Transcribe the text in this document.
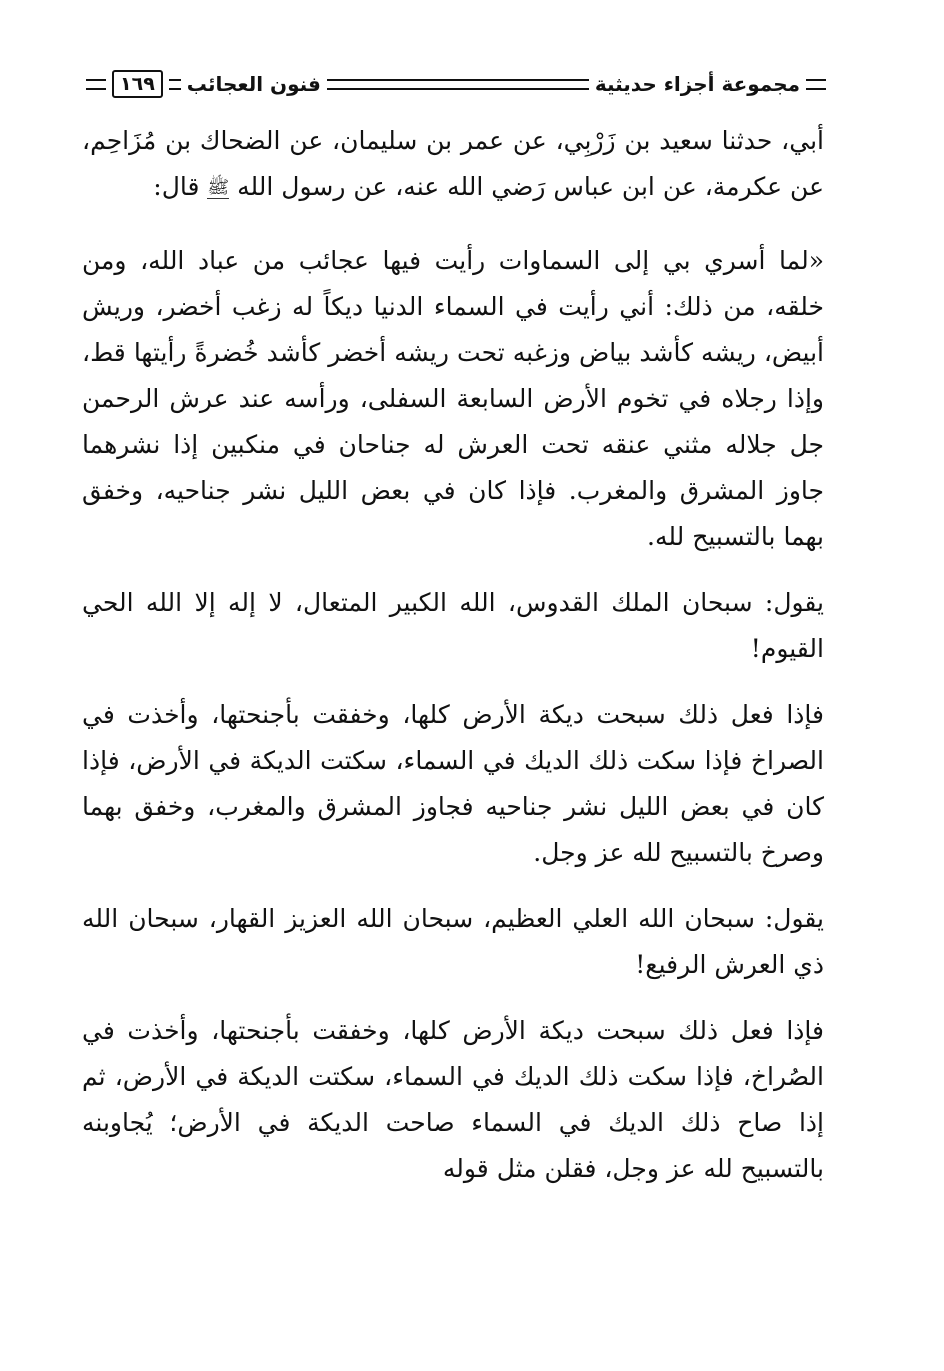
مجموعة أجزاء حديثية
فنون العجائب
١٦٩

أبي، حدثنا سعيد بن زَرْبِي، عن عمر بن سليمان، عن الضحاك بن مُزَاحِم، عن عكرمة، عن ابن عباس رَضي الله عنه، عن رسول الله ﷺ قال:

«لما أسري بي إلى السماوات رأيت فيها عجائب من عباد الله، ومن خلقه، من ذلك: أني رأيت في السماء الدنيا ديكاً له زغب أخضر، وريش أبيض، ريشه كأشد بياض وزغبه تحت ريشه أخضر كأشد خُضرةً رأيتها قط، وإذا رجلاه في تخوم الأرض السابعة السفلى، ورأسه عند عرش الرحمن جل جلاله مثني عنقه تحت العرش له جناحان في منكبين إذا نشرهما جاوز المشرق والمغرب. فإذا كان في بعض الليل نشر جناحيه، وخفق بهما بالتسبيح لله.

يقول: سبحان الملك القدوس، الله الكبير المتعال، لا إله إلا الله الحي القيوم!

فإذا فعل ذلك سبحت ديكة الأرض كلها، وخفقت بأجنحتها، وأخذت في الصراخ فإذا سكت ذلك الديك في السماء، سكتت الديكة في الأرض، فإذا كان في بعض الليل نشر جناحيه فجاوز المشرق والمغرب، وخفق بهما وصرخ بالتسبيح لله عز وجل.

يقول: سبحان الله العلي العظيم، سبحان الله العزيز القهار، سبحان الله ذي العرش الرفيع!

فإذا فعل ذلك سبحت ديكة الأرض كلها، وخفقت بأجنحتها، وأخذت في الصُراخ، فإذا سكت ذلك الديك في السماء، سكتت الديكة في الأرض، ثم إذا صاح ذلك الديك في السماء صاحت الديكة في الأرض؛ يُجاوبنه بالتسبيح لله عز وجل، فقلن مثل قوله
